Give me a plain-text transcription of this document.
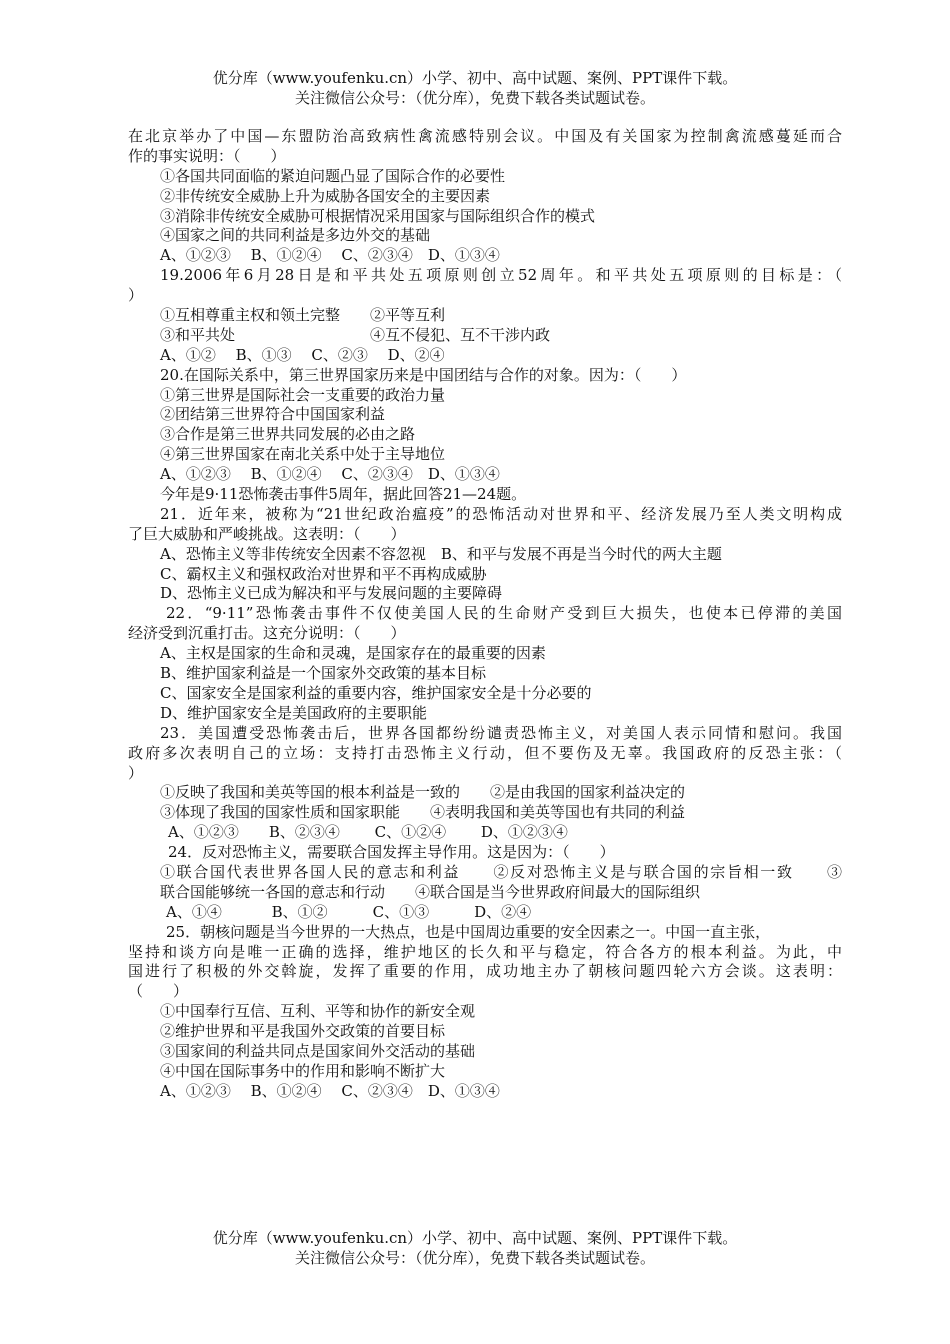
优分库（www.youfenku.cn）小学、初中、高中试题、案例、PPT课件下载。
关注微信公众号：（优分库），免费下载各类试题试卷。
在北京举办了中国—东盟防治高致病性禽流感特别会议。中国及有关国家为控制禽流感蔓延而合
作的事实说明：（　　）
①各国共同面临的紧迫问题凸显了国际合作的必要性
②非传统安全威胁上升为威胁各国安全的主要因素
③消除非传统安全威胁可根据情况采用国家与国际组织合作的模式
④国家之间的共同利益是多边外交的基础
A、①②③　 B、①②④　 C、②③④　D、①③④
19.2006年6月28日是和平共处五项原则创立52周年。和平共处五项原则的目标是：（
）
①互相尊重主权和领土完整　　②平等互利
③和平共处　　　　　　　　　④互不侵犯、互不干涉内政
A、①②　 B、①③　 C、②③　 D、②④
20.在国际关系中，第三世界国家历来是中国团结与合作的对象。因为：（　　）
①第三世界是国际社会一支重要的政治力量
②团结第三世界符合中国国家利益
③合作是第三世界共同发展的必由之路
④第三世界国家在南北关系中处于主导地位
A、①②③　 B、①②④　 C、②③④　D、①③④
今年是9·11恐怖袭击事件5周年，据此回答21—24题。
21．近年来，被称为“21世纪政治瘟疫”的恐怖活动对世界和平、经济发展乃至人类文明构成
了巨大威胁和严峻挑战。这表明：（　　）
A、恐怖主义等非传统安全因素不容忽视　B、和平与发展不再是当今时代的两大主题
C、霸权主义和强权政治对世界和平不再构成威胁
D、恐怖主义已成为解决和平与发展问题的主要障碍
22．“9·11”恐怖袭击事件不仅使美国人民的生命财产受到巨大损失，也使本已停滞的美国
经济受到沉重打击。这充分说明：（　　）
A、主权是国家的生命和灵魂，是国家存在的最重要的因素
B、维护国家利益是一个国家外交政策的基本目标
C、国家安全是国家利益的重要内容，维护国家安全是十分必要的
D、维护国家安全是美国政府的主要职能
23．美国遭受恐怖袭击后，世界各国都纷纷谴责恐怖主义，对美国人表示同情和慰问。我国
政府多次表明自己的立场：支持打击恐怖主义行动，但不要伤及无辜。我国政府的反恐主张：（
）
①反映了我国和美英等国的根本利益是一致的　　②是由我国的国家利益决定的
③体现了我国的国家性质和国家职能　　④表明我国和美英等国也有共同的利益
A、①②③　　B、②③④　　 C、①②④　　 D、①②③④
24．反对恐怖主义，需要联合国发挥主导作用。这是因为：（　　）
①联合国代表世界各国人民的意志和利益　　②反对恐怖主义是与联合国的宗旨相一致　　③
联合国能够统一各国的意志和行动　　④联合国是当今世界政府间最大的国际组织
A、①④　　　 B、①②　　　C、①③　　　D、②④
25．朝核问题是当今世界的一大热点，也是中国周边重要的安全因素之一。中国一直主张，
坚持和谈方向是唯一正确的选择，维护地区的长久和平与稳定，符合各方的根本利益。为此，中
国进行了积极的外交斡旋，发挥了重要的作用，成功地主办了朝核问题四轮六方会谈。这表明：
（　　）
①中国奉行互信、互利、平等和协作的新安全观
②维护世界和平是我国外交政策的首要目标
③国家间的利益共同点是国家间外交活动的基础
④中国在国际事务中的作用和影响不断扩大
A、①②③　 B、①②④　 C、②③④　D、①③④
优分库（www.youfenku.cn）小学、初中、高中试题、案例、PPT课件下载。
关注微信公众号：（优分库），免费下载各类试题试卷。
